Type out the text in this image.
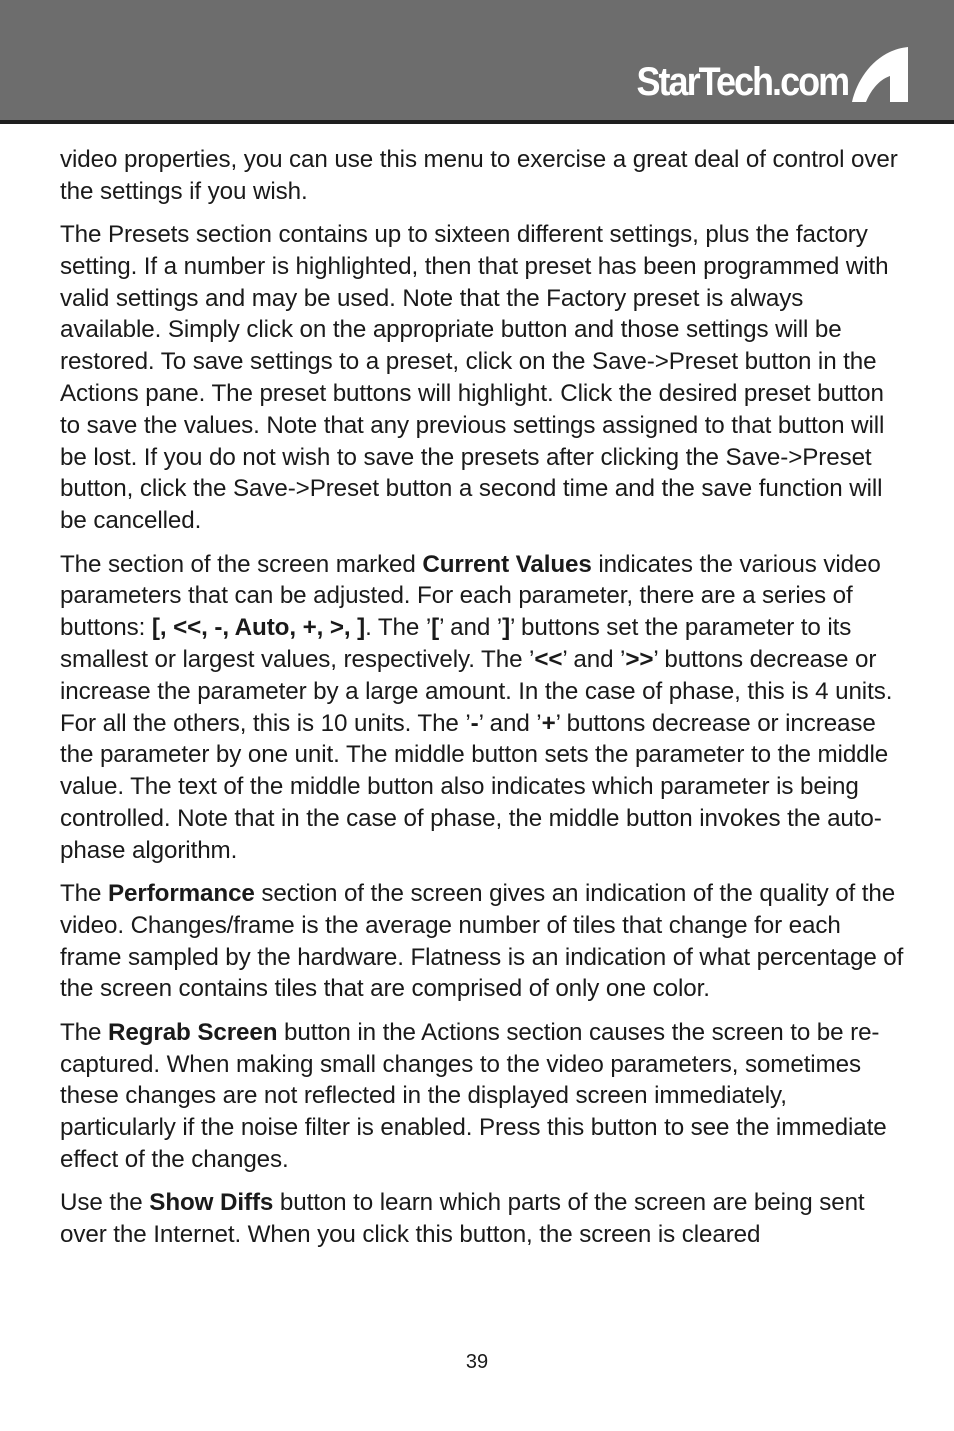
StarTech.com

video properties, you can use this menu to exercise a great deal of control over the settings if you wish.

The Presets section contains up to sixteen different settings, plus the factory setting. If a number is highlighted, then that preset has been programmed with valid settings and may be used. Note that the Factory preset is always available. Simply click on the appropriate button and those settings will be restored. To save settings to a preset, click on the Save->Preset button in the Actions pane. The preset buttons will highlight. Click the desired preset button to save the values. Note that any previous settings assigned to that button will be lost. If you do not wish to save the presets after clicking the Save->Preset button, click the Save->Preset button a second time and the save function will be cancelled.

The section of the screen marked Current Values indicates the various video parameters that can be adjusted. For each parameter, there are a series of buttons: [, <<, -, Auto, +, >, ]. The ’[’ and ’]’ buttons set the parameter to its smallest or largest values, respectively. The ’<<’ and ’>>’ buttons decrease or increase the parameter by a large amount. In the case of phase, this is 4 units. For all the others, this is 10 units. The ’-’ and ’+’ buttons decrease or increase the parameter by one unit. The middle button sets the parameter to the middle value. The text of the middle button also indicates which parameter is being controlled. Note that in the case of phase, the middle button invokes the auto-phase algorithm.

The Performance section of the screen gives an indication of the quality of the video. Changes/frame is the average number of tiles that change for each frame sampled by the hardware. Flatness is an indication of what percentage of the screen contains tiles that are comprised of only one color.

The Regrab Screen button in the Actions section causes the screen to be re-captured. When making small changes to the video parameters, sometimes these changes are not reflected in the displayed screen immediately, particularly if the noise filter is enabled. Press this button to see the immediate effect of the changes.

Use the Show Diffs button to learn which parts of the screen are being sent over the Internet. When you click this button, the screen is cleared

39
